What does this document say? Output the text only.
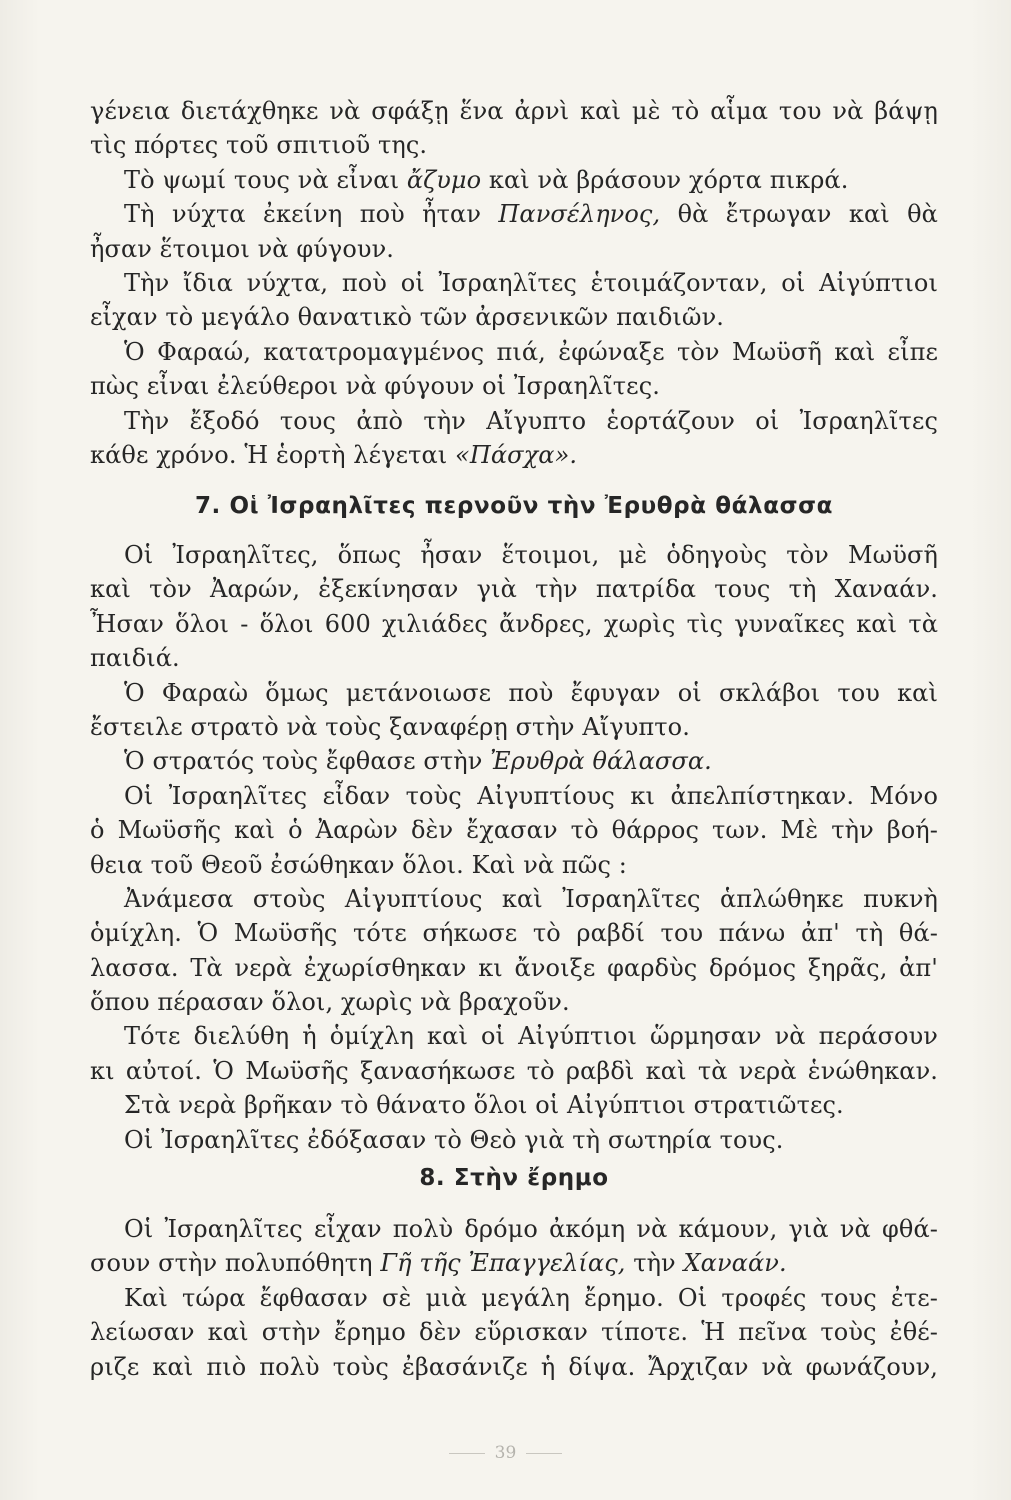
γένεια διετάχθηκε νὰ σφάξῃ ἕνα ἀρνὶ καὶ μὲ τὸ αἷμα του νὰ βάψῃ
τὶς πόρτες τοῦ σπιτιοῦ της.
Τὸ ψωμί τους νὰ εἶναι ἄζυμο καὶ νὰ βράσουν χόρτα πικρά.
Τὴ νύχτα ἐκείνη ποὺ ἦταν Πανσέληνος, θὰ ἔτρωγαν καὶ θὰ
ἦσαν ἕτοιμοι νὰ φύγουν.
Τὴν ἴδια νύχτα, ποὺ οἱ Ἰσραηλῖτες ἑτοιμάζονταν, οἱ Αἰγύπτιοι
εἶχαν τὸ μεγάλο θανατικὸ τῶν ἀρσενικῶν παιδιῶν.
Ὁ Φαραώ, κατατρομαγμένος πιά, ἐφώναξε τὸν Μωϋσῆ καὶ εἶπε
πὼς εἶναι ἐλεύθεροι νὰ φύγουν οἱ Ἰσραηλῖτες.
Τὴν ἔξοδό τους ἀπὸ τὴν Αἴγυπτο ἑορτάζουν οἱ Ἰσραηλῖτες
κάθε χρόνο. Ἡ ἑορτὴ λέγεται «Πάσχα».
7. Οἱ Ἰσραηλῖτες περνοῦν τὴν Ἐρυθρὰ θάλασσα
Οἱ Ἰσραηλῖτες, ὅπως ἦσαν ἕτοιμοι, μὲ ὁδηγοὺς τὸν Μωϋσῆ
καὶ τὸν Ἀαρών, ἐξεκίνησαν γιὰ τὴν πατρίδα τους τὴ Χαναάν.
Ἦσαν ὅλοι - ὅλοι 600 χιλιάδες ἄνδρες, χωρὶς τὶς γυναῖκες καὶ τὰ
παιδιά.
Ὁ Φαραὼ ὅμως μετάνοιωσε ποὺ ἔφυγαν οἱ σκλάβοι του καὶ
ἔστειλε στρατὸ νὰ τοὺς ξαναφέρῃ στὴν Αἴγυπτο.
Ὁ στρατός τοὺς ἔφθασε στὴν Ἐρυθρὰ θάλασσα.
Οἱ Ἰσραηλῖτες εἶδαν τοὺς Αἰγυπτίους κι ἀπελπίστηκαν. Μόνο
ὁ Μωϋσῆς καὶ ὁ Ἀαρὼν δὲν ἔχασαν τὸ θάρρος των. Μὲ τὴν βοή-
θεια τοῦ Θεοῦ ἐσώθηκαν ὅλοι. Καὶ νὰ πῶς :
Ἀνάμεσα στοὺς Αἰγυπτίους καὶ Ἰσραηλῖτες ἁπλώθηκε πυκνὴ
ὁμίχλη. Ὁ Μωϋσῆς τότε σήκωσε τὸ ραβδί του πάνω ἀπ' τὴ θά-
λασσα. Τὰ νερὰ ἐχωρίσθηκαν κι ἄνοιξε φαρδὺς δρόμος ξηρᾶς, ἀπ'
ὅπου πέρασαν ὅλοι, χωρὶς νὰ βραχοῦν.
Τότε διελύθη ἡ ὁμίχλη καὶ οἱ Αἰγύπτιοι ὥρμησαν νὰ περάσουν
κι αὐτοί. Ὁ Μωϋσῆς ξανασήκωσε τὸ ραβδὶ καὶ τὰ νερὰ ἑνώθηκαν.
Στὰ νερὰ βρῆκαν τὸ θάνατο ὅλοι οἱ Αἰγύπτιοι στρατιῶτες.
Οἱ Ἰσραηλῖτες ἐδόξασαν τὸ Θεὸ γιὰ τὴ σωτηρία τους.
8. Στὴν ἔρημο
Οἱ Ἰσραηλῖτες εἶχαν πολὺ δρόμο ἀκόμη νὰ κάμουν, γιὰ νὰ φθά-
σουν στὴν πολυπόθητη Γῆ τῆς Ἐπαγγελίας, τὴν Χαναάν.
Καὶ τώρα ἔφθασαν σὲ μιὰ μεγάλη ἔρημο. Οἱ τροφές τους ἐτε-
λείωσαν καὶ στὴν ἔρημο δὲν εὕρισκαν τίποτε. Ἡ πεῖνα τοὺς ἐθέ-
ριζε καὶ πιὸ πολὺ τοὺς ἐβασάνιζε ἡ δίψα. Ἄρχιζαν νὰ φωνάζουν,
39
